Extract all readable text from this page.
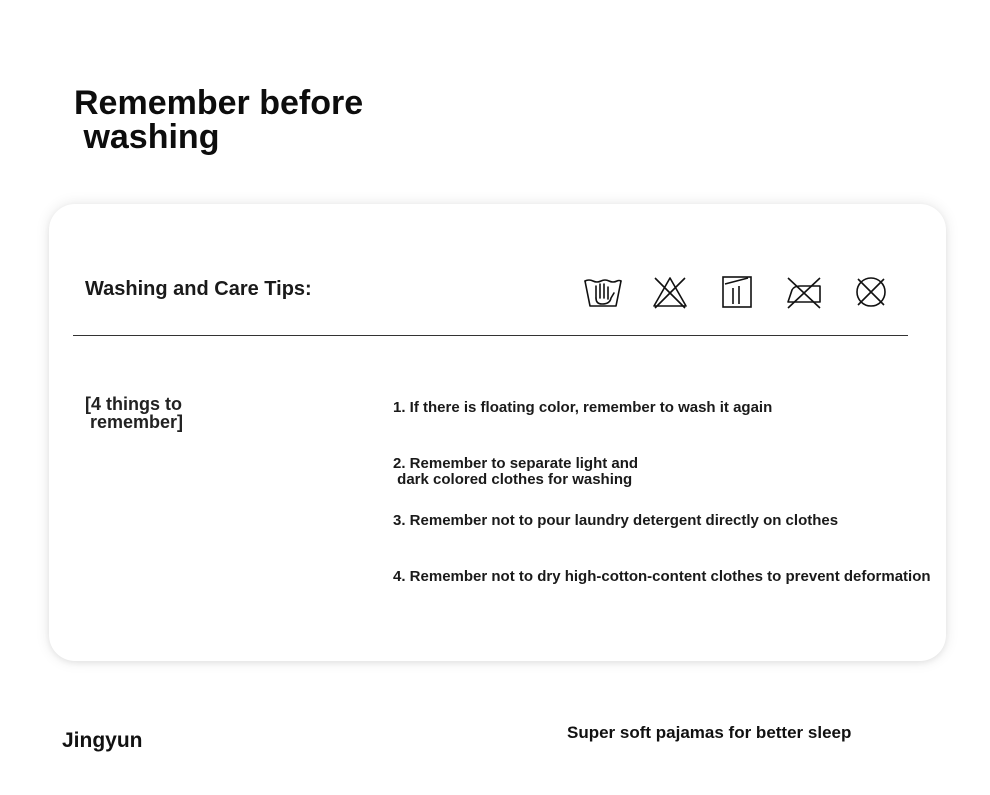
Remember before
washing
Washing and Care Tips:
[4 things to
remember]
1. If there is floating color, remember to wash it again
2. Remember to separate light and
dark colored clothes for washing
3. Remember not to pour laundry detergent directly on clothes
4. Remember not to dry high-cotton-content clothes to prevent deformation
Jingyun	Super soft pajamas for better sleep
